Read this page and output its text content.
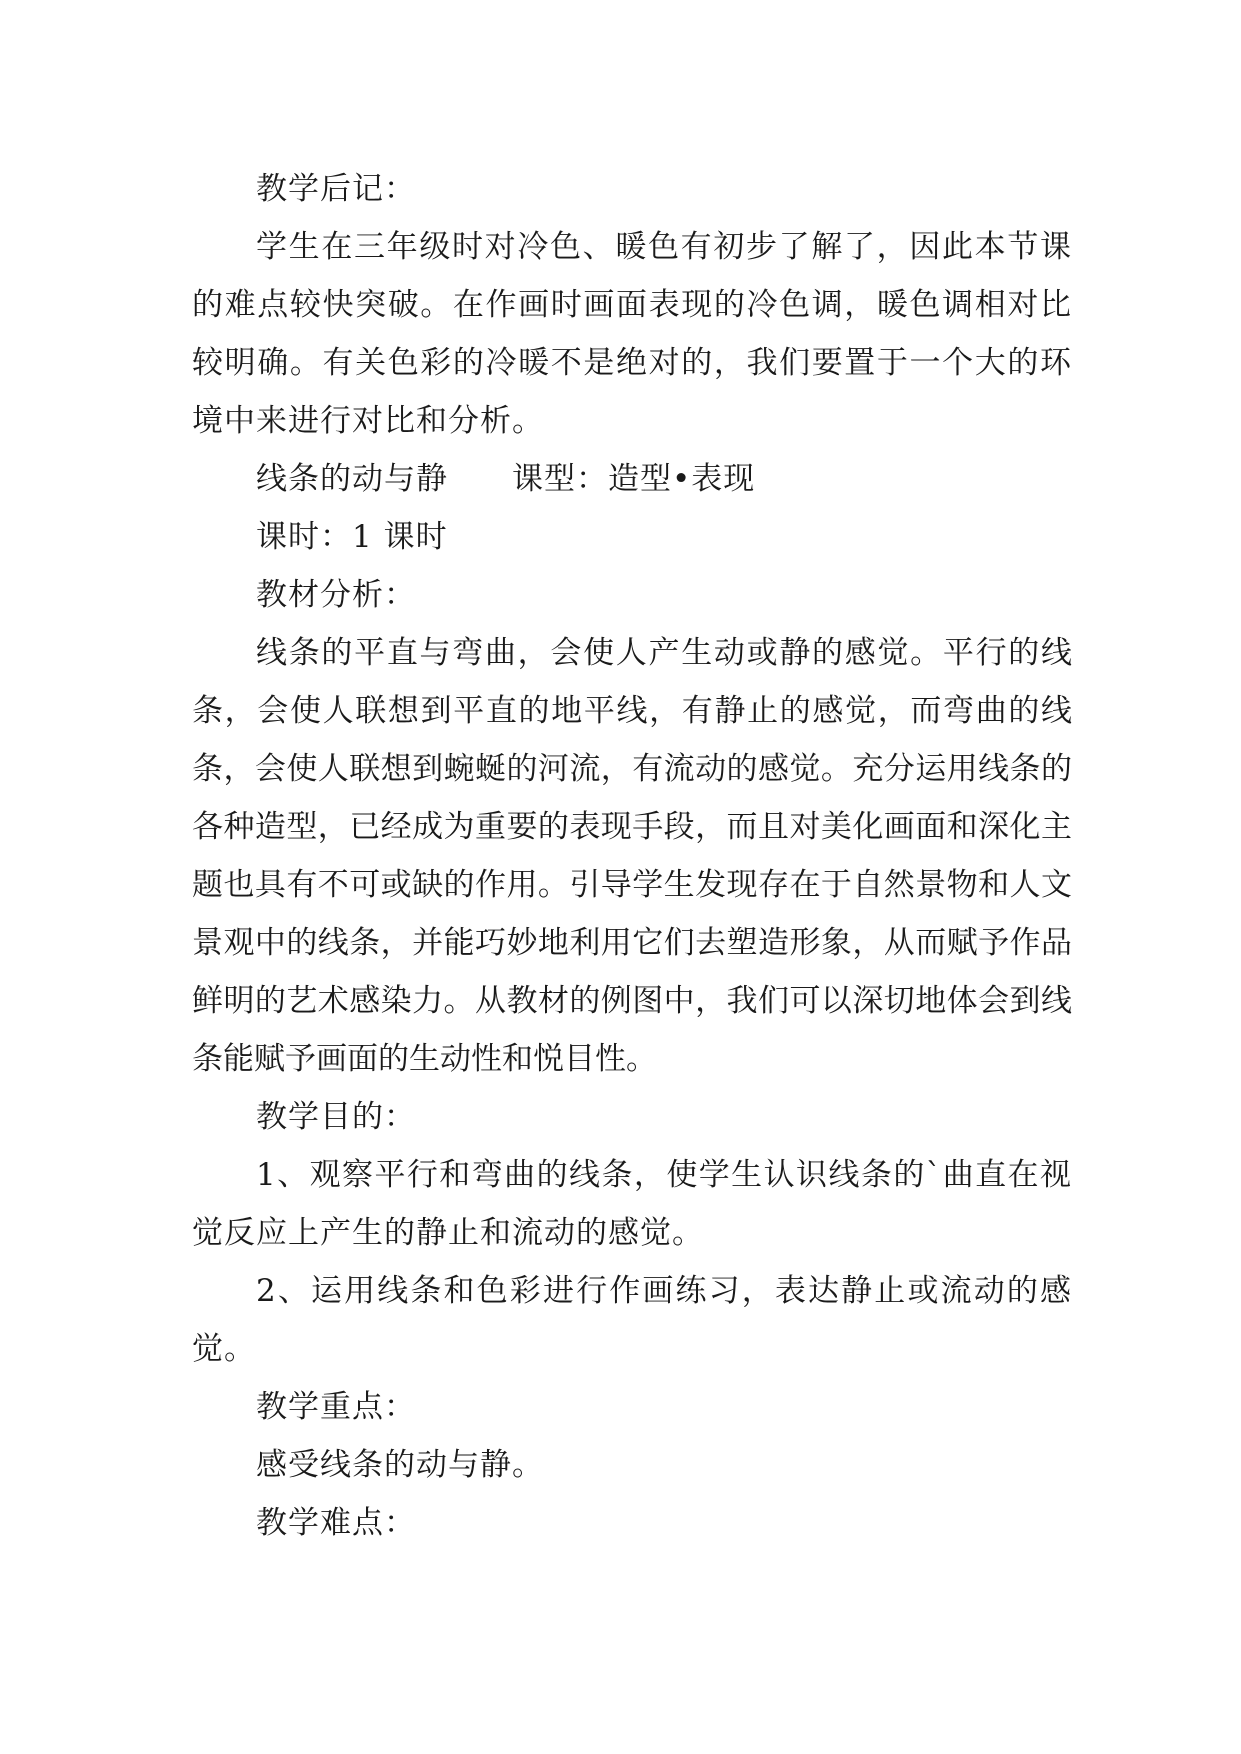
教学后记：

学生在三年级时对冷色、暖色有初步了解了，因此本节课的难点较快突破。在作画时画面表现的冷色调，暖色调相对比较明确。有关色彩的冷暖不是绝对的，我们要置于一个大的环境中来进行对比和分析。

线条的动与静　　课型：造型•表现

课时：1 课时

教材分析：

线条的平直与弯曲，会使人产生动或静的感觉。平行的线条，会使人联想到平直的地平线，有静止的感觉，而弯曲的线条，会使人联想到蜿蜒的河流，有流动的感觉。充分运用线条的各种造型，已经成为重要的表现手段，而且对美化画面和深化主题也具有不可或缺的作用。引导学生发现存在于自然景物和人文景观中的线条，并能巧妙地利用它们去塑造形象，从而赋予作品鲜明的艺术感染力。从教材的例图中，我们可以深切地体会到线条能赋予画面的生动性和悦目性。

教学目的：

1、观察平行和弯曲的线条，使学生认识线条的`曲直在视觉反应上产生的静止和流动的感觉。

2、运用线条和色彩进行作画练习，表达静止或流动的感觉。

教学重点：

感受线条的动与静。

教学难点：
